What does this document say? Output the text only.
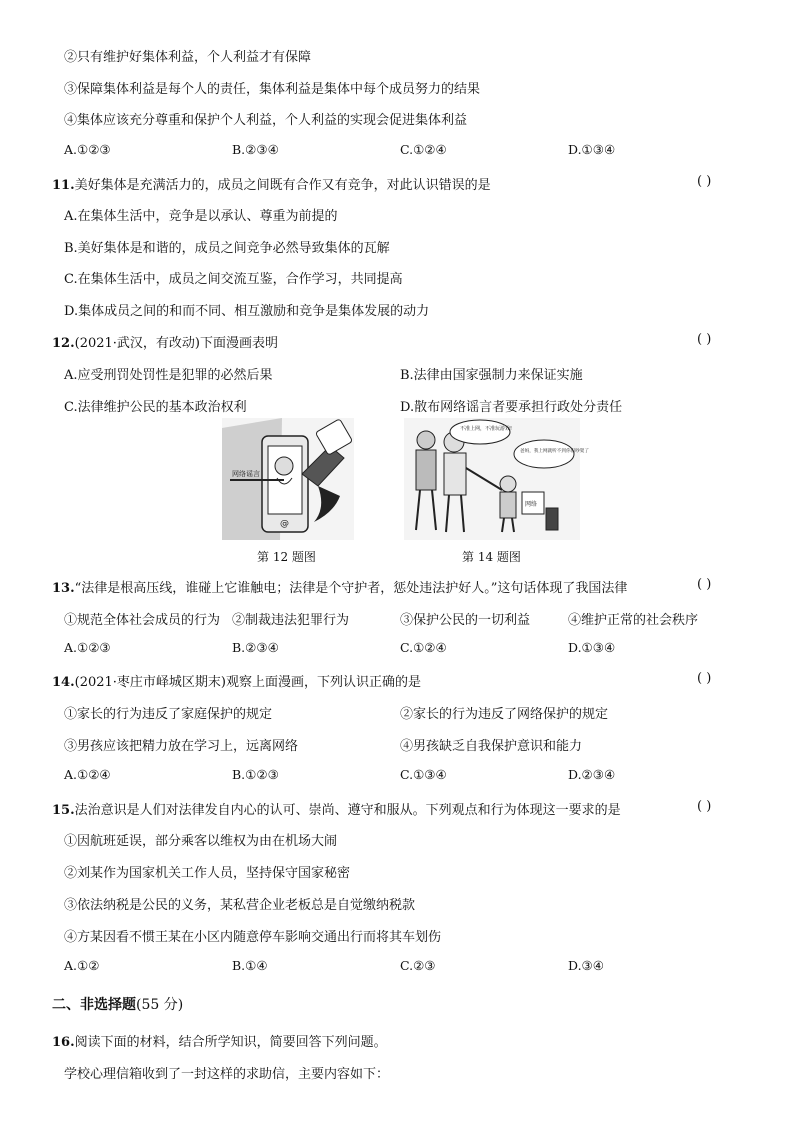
②只有维护好集体利益，个人利益才有保障
③保障集体利益是每个人的责任，集体利益是集体中每个成员努力的结果
④集体应该充分尊重和保护个人利益，个人利益的实现会促进集体利益
A.①②③	B.②③④	C.①②④	D.①③④
11.美好集体是充满活力的，成员之间既有合作又有竞争，对此认识错误的是	( )
A.在集体生活中，竞争是以承认、尊重为前提的
B.美好集体是和谐的，成员之间竞争必然导致集体的瓦解
C.在集体生活中，成员之间交流互鉴，合作学习，共同提高
D.集体成员之间的和而不同、相互激励和竞争是集体发展的动力
12.(2021·武汉，有改动)下面漫画表明	( )
A.应受刑罚处罚性是犯罪的必然后果	B.法律由国家强制力来保证实施
C.法律维护公民的基本政治权利	D.散布网络谣言者要承担行政处分责任
网络谣言
@
第 12 题图
不准上网，不准玩游戏!
网络
爸妈，我上网就听不到你们吵架了
第 14 题图
13.“法律是根高压线，谁碰上它谁触电；法律是个守护者，惩处违法护好人。”这句话体现了我国法律	( )
①规范全体社会成员的行为 ②制裁违法犯罪行为	③保护公民的一切利益	④维护正常的社会秩序
A.①②③	B.②③④	C.①②④	D.①③④
14.(2021·枣庄市峄城区期末)观察上面漫画，下列认识正确的是	( )
①家长的行为违反了家庭保护的规定	②家长的行为违反了网络保护的规定
③男孩应该把精力放在学习上，远离网络	④男孩缺乏自我保护意识和能力
A.①②④	B.①②③	C.①③④	D.②③④
15.法治意识是人们对法律发自内心的认可、崇尚、遵守和服从。下列观点和行为体现这一要求的是	( )
①因航班延误，部分乘客以维权为由在机场大闹
②刘某作为国家机关工作人员，坚持保守国家秘密
③依法纳税是公民的义务，某私营企业老板总是自觉缴纳税款
④方某因看不惯王某在小区内随意停车影响交通出行而将其车划伤
A.①②	B.①④	C.②③	D.③④
二、非选择题(55 分)
16.阅读下面的材料，结合所学知识，简要回答下列问题。
学校心理信箱收到了一封这样的求助信，主要内容如下：
